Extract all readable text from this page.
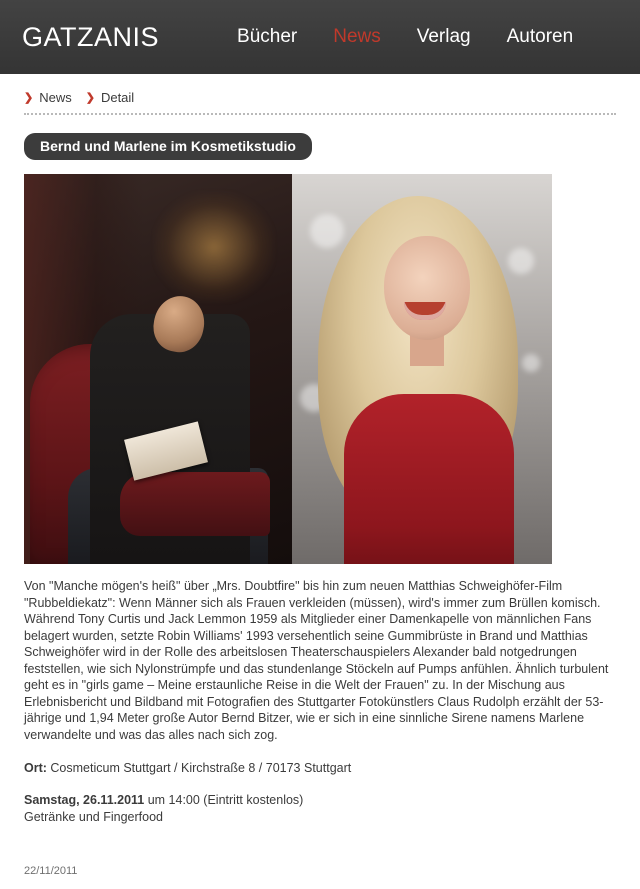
GATZANIS	Bücher News Verlag Autoren
❯ News ❯ Detail
Bernd und Marlene im Kosmetikstudio

Von "Manche mögen's heiß" über „Mrs. Doubtfire" bis hin zum neuen Matthias Schweighöfer-Film "Rubbeldiekatz": Wenn Männer sich als Frauen verkleiden (müssen), wird's immer zum Brüllen komisch. Während Tony Curtis und Jack Lemmon 1959 als Mitglieder einer Damenkapelle von männlichen Fans belagert wurden, setzte Robin Williams' 1993 versehentlich seine Gummibrüste in Brand und Matthias Schweighöfer wird in der Rolle des arbeitslosen Theaterschauspielers Alexander bald notgedrungen feststellen, wie sich Nylonstrümpfe und das stundenlange Stöckeln auf Pumps anfühlen. Ähnlich turbulent geht es in "girls game – Meine erstaunliche Reise in die Welt der Frauen" zu. In der Mischung aus Erlebnisbericht und Bildband mit Fotografien des Stuttgarter Fotokünstlers Claus Rudolph erzählt der 53-jährige und 1,94 Meter große Autor Bernd Bitzer, wie er sich in eine sinnliche Sirene namens Marlene verwandelte und was das alles nach sich zog.

Ort: Cosmeticum Stuttgart / Kirchstraße 8 / 70173 Stuttgart
Samstag, 26.11.2011 um 14:00 (Eintritt kostenlos)
Getränke und Fingerfood
22/11/2011
